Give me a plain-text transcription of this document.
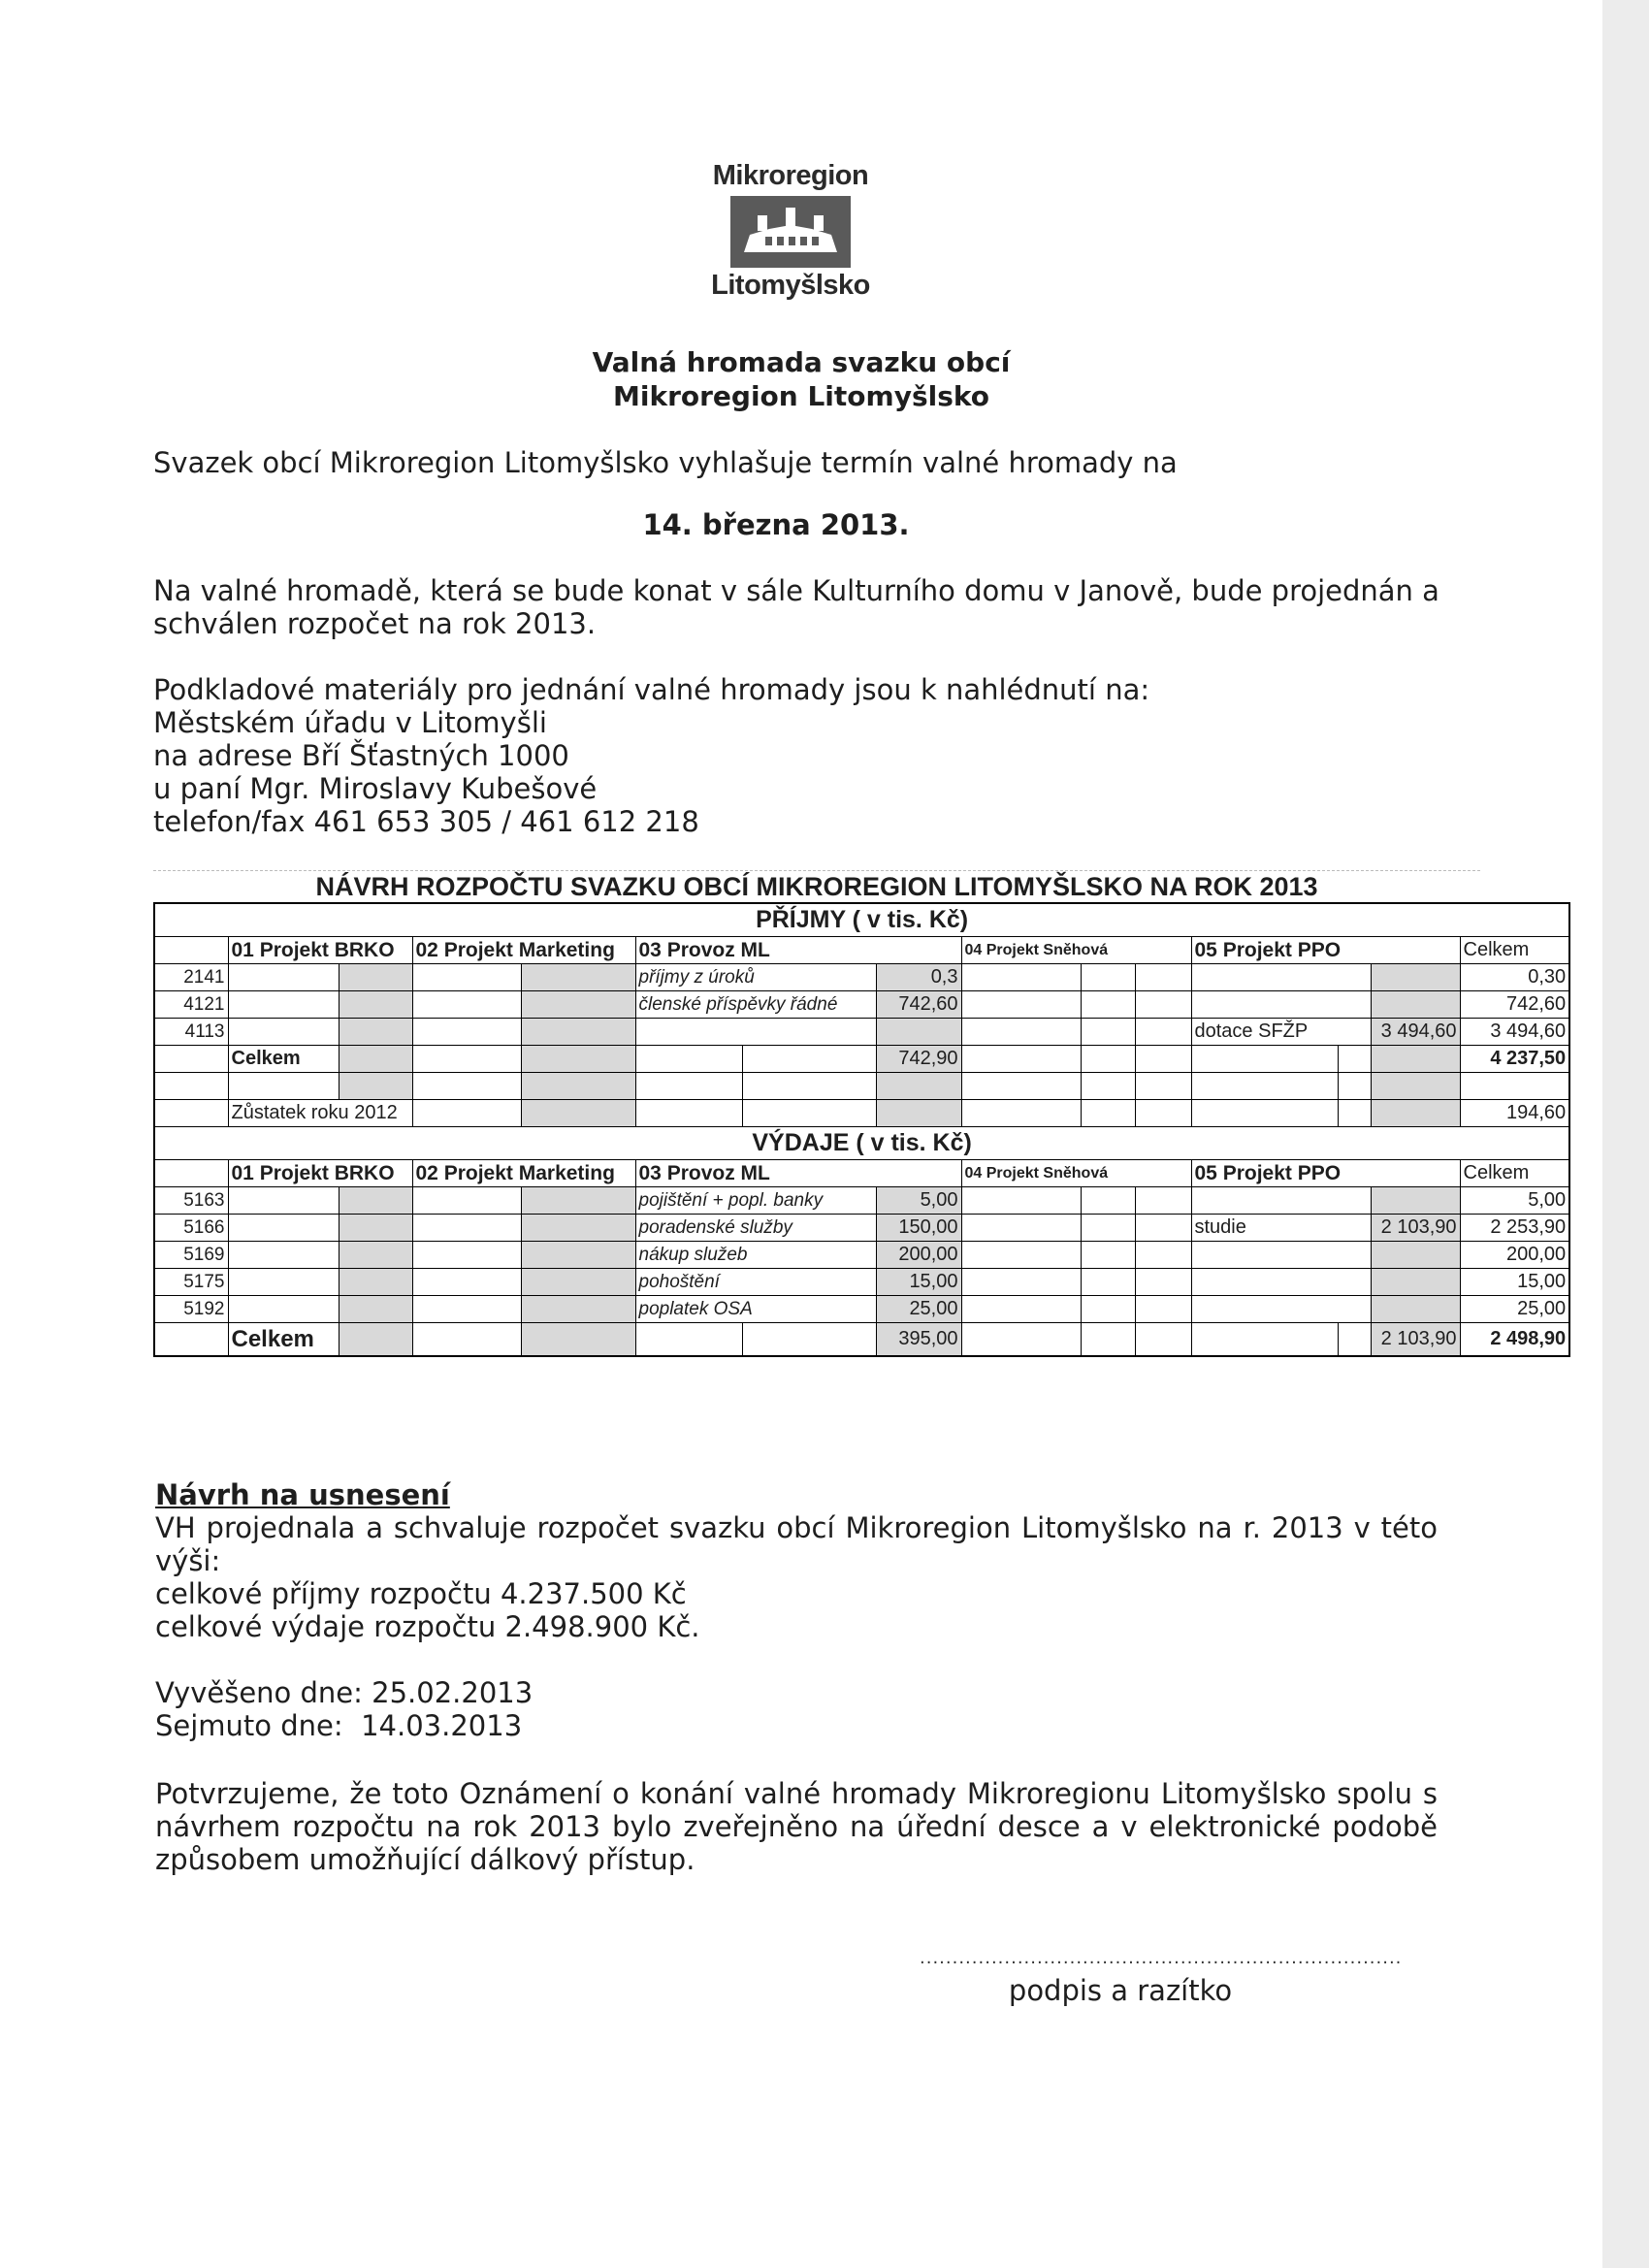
Mikroregion
Litomyšlsko
Valná hromada svazku obcí
Mikroregion Litomyšlsko
Svazek obcí Mikroregion Litomyšlsko vyhlašuje termín valné hromady na
14. března 2013.
Na valné hromadě, která se bude konat v sále Kulturního domu v Janově, bude projednán a
schválen rozpočet na rok 2013.
Podkladové materiály pro jednání valné hromady jsou k nahlédnutí na:
Městském úřadu v Litomyšli
na adrese Bří Šťastných 1000
u paní Mgr. Miroslavy Kubešové
telefon/fax 461 653 305 / 461 612 218
NÁVRH ROZPOČTU SVAZKU OBCÍ MIKROREGION LITOMYŠLSKO NA ROK 2013
PŘÍJMY ( v tis. Kč)														
	01 Projekt BRKO		02 Projekt Marketing		03 Provoz ML			04 Projekt Sněhová			05 Projekt PPO			Celkem
2141					příjmy z úroků		0,3							0,30
4121					členské příspěvky řádné		742,60							742,60
4113											dotace SFŽP		3 494,60	3 494,60
	Celkem						742,90							4 237,50

	Zůstatek roku 2012													194,60
VÝDAJE ( v tis. Kč)														
	01 Projekt BRKO		02 Projekt Marketing		03 Provoz ML			04 Projekt Sněhová			05 Projekt PPO			Celkem
5163					pojištění + popl. banky		5,00							5,00
5166					poradenské služby		150,00				studie		2 103,90	2 253,90
5169					nákup služeb		200,00							200,00
5175					pohoštění		15,00							15,00
5192					poplatek OSA		25,00							25,00
	Celkem						395,00						2 103,90	2 498,90
Návrh na usnesení
VH projednala a schvaluje rozpočet svazku obcí Mikroregion Litomyšlsko na r. 2013 v této
výši:
celkové příjmy rozpočtu 4.237.500 Kč
celkové výdaje rozpočtu 2.498.900 Kč.
Vyvěšeno dne: 25.02.2013
Sejmuto dne:  14.03.2013
Potvrzujeme, že toto Oznámení o konání valné hromady Mikroregionu Litomyšlsko spolu s návrhem rozpočtu na rok 2013 bylo zveřejněno na úřední desce a v elektronické podobě způsobem umožňující dálkový přístup.
..........................................................................
podpis a razítko
